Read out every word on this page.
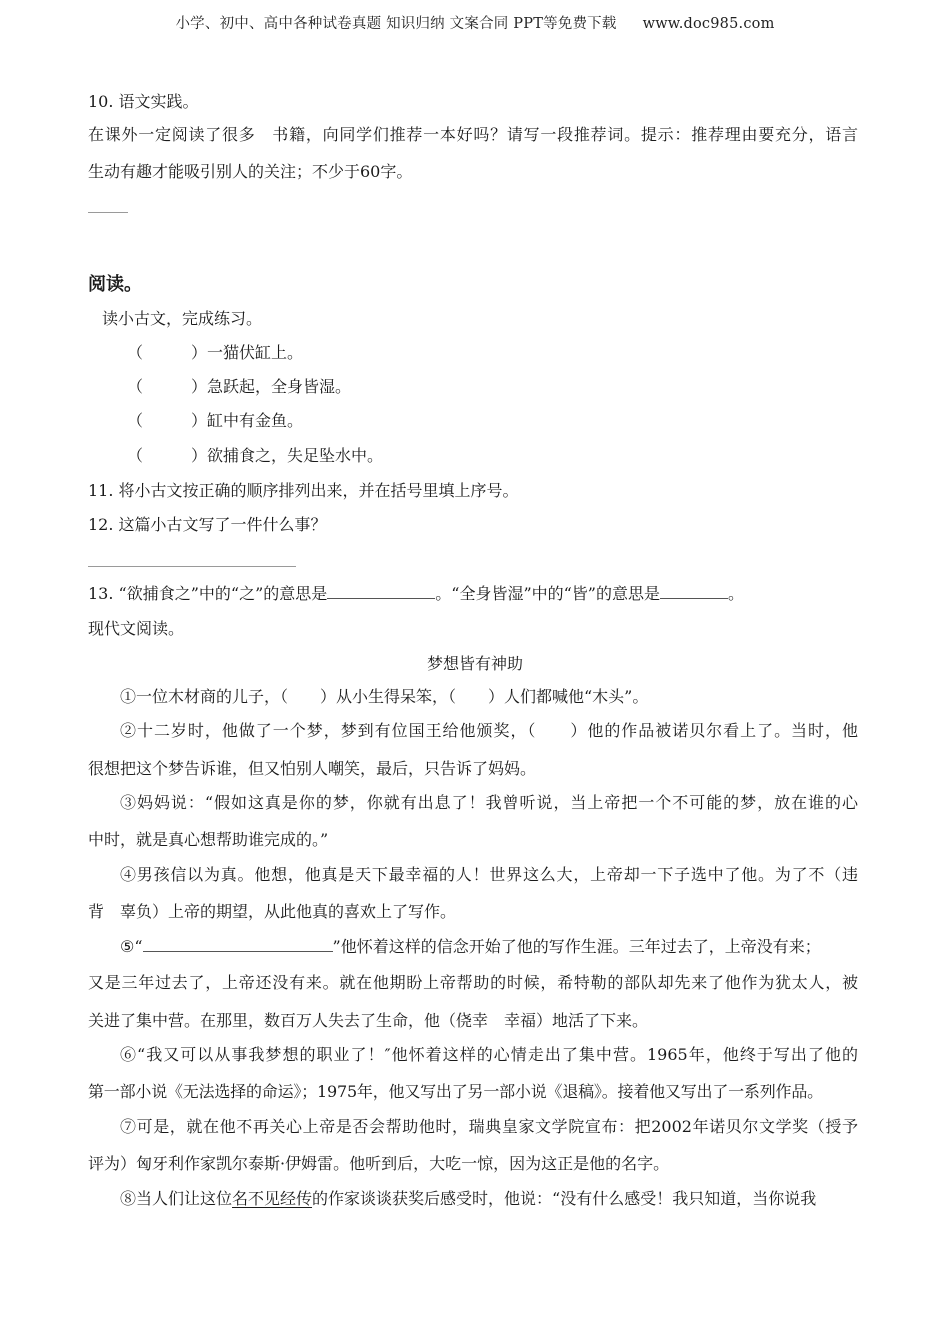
小学、初中、高中各种试卷真题 知识归纳 文案合同 PPT等免费下载 www.doc985.com
10. 语文实践。
在课外一定阅读了很多　书籍，向同学们推荐一本好吗？请写一段推荐词。提示：推荐理由要充分，语言
生动有趣才能吸引别人的关注；不少于60字。
阅读。
读小古文，完成练习。
（　　　）一猫伏缸上。
（　　　）急跃起，全身皆湿。
（　　　）缸中有金鱼。
（　　　）欲捕食之，失足坠水中。
11. 将小古文按正确的顺序排列出来，并在括号里填上序号。
12. 这篇小古文写了一件什么事？
13. “欲捕食之”中的“之”的意思是	。“全身皆湿”中的“皆”的意思是	。
现代文阅读。
梦想皆有神助
①一位木材商的儿子，（　　）从小生得呆笨，（　　）人们都喊他“木头”。
②十二岁时，他做了一个梦，梦到有位国王给他颁奖，（　　）他的作品被诺贝尔看上了。当时，他
很想把这个梦告诉谁，但又怕别人嘲笑，最后，只告诉了妈妈。
③妈妈说：“假如这真是你的梦，你就有出息了！我曾听说，当上帝把一个不可能的梦，放在谁的心
中时，就是真心想帮助谁完成的。”
④男孩信以为真。他想，他真是天下最幸福的人！世界这么大，上帝却一下子选中了他。为了不（违
背　辜负）上帝的期望，从此他真的喜欢上了写作。
⑤“	”他怀着这样的信念开始了他的写作生涯。三年过去了，上帝没有来；
又是三年过去了，上帝还没有来。就在他期盼上帝帮助的时候，希特勒的部队却先来了他作为犹太人，被
关进了集中营。在那里，数百万人失去了生命，他（侥幸　幸福）地活了下来。
⑥“我又可以从事我梦想的职业了！″他怀着这样的心情走出了集中营。1965年，他终于写出了他的
第一部小说《无法选择的命运》；1975年，他又写出了另一部小说《退稿》。接着他又写出了一系列作品。
⑦可是，就在他不再关心上帝是否会帮助他时，瑞典皇家文学院宣布：把2002年诺贝尔文学奖（授予
评为）匈牙利作家凯尔泰斯·伊姆雷。他听到后，大吃一惊，因为这正是他的名字。
⑧当人们让这位名不见经传的作家谈谈获奖后感受时，他说：“没有什么感受！我只知道，当你说我
